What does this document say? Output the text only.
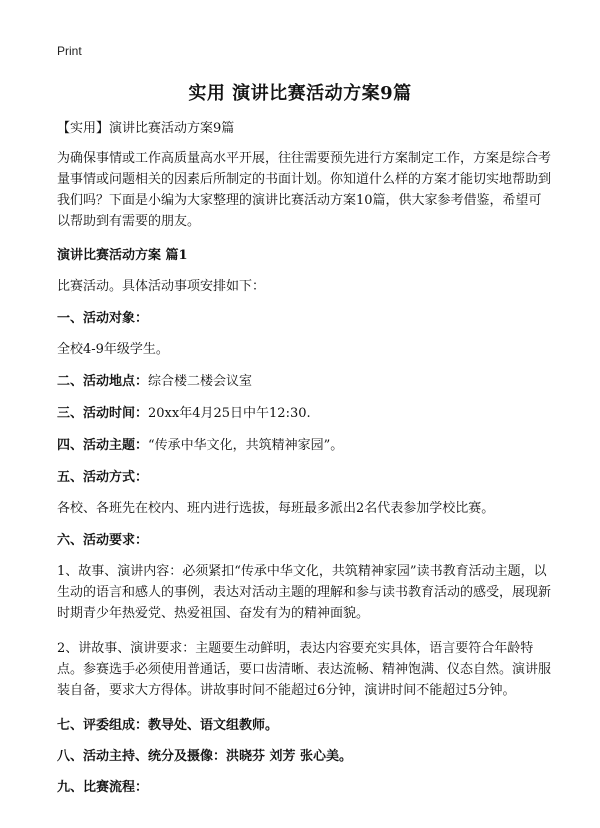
Print
实用 演讲比赛活动方案9篇

【实用】演讲比赛活动方案9篇

为确保事情或工作高质量高水平开展，往往需要预先进行方案制定工作，方案是综合考量事情或问题相关的因素后所制定的书面计划。你知道什么样的方案才能切实地帮助到我们吗？下面是小编为大家整理的演讲比赛活动方案10篇，供大家参考借鉴，希望可以帮助到有需要的朋友。

演讲比赛活动方案 篇1

比赛活动。具体活动事项安排如下：

一、活动对象：

全校4-9年级学生。

二、活动地点：综合楼二楼会议室

三、活动时间：20xx年4月25日中午12:30.

四、活动主题：“传承中华文化，共筑精神家园”。

五、活动方式：

各校、各班先在校内、班内进行选拔，每班最多派出2名代表参加学校比赛。

六、活动要求：

1、故事、演讲内容：必须紧扣“传承中华文化，共筑精神家园”读书教育活动主题，以生动的语言和感人的事例，表达对活动主题的理解和参与读书教育活动的感受，展现新时期青少年热爱党、热爱祖国、奋发有为的精神面貌。

2、讲故事、演讲要求：主题要生动鲜明，表达内容要充实具体，语言要符合年龄特点。参赛选手必须使用普通话，要口齿清晰、表达流畅、精神饱满、仪态自然。演讲服装自备，要求大方得体。讲故事时间不能超过6分钟，演讲时间不能超过5分钟。

七、评委组成：教导处、语文组教师。

八、活动主持、统分及摄像：洪晓芬 刘芳 张心美。

九、比赛流程：
